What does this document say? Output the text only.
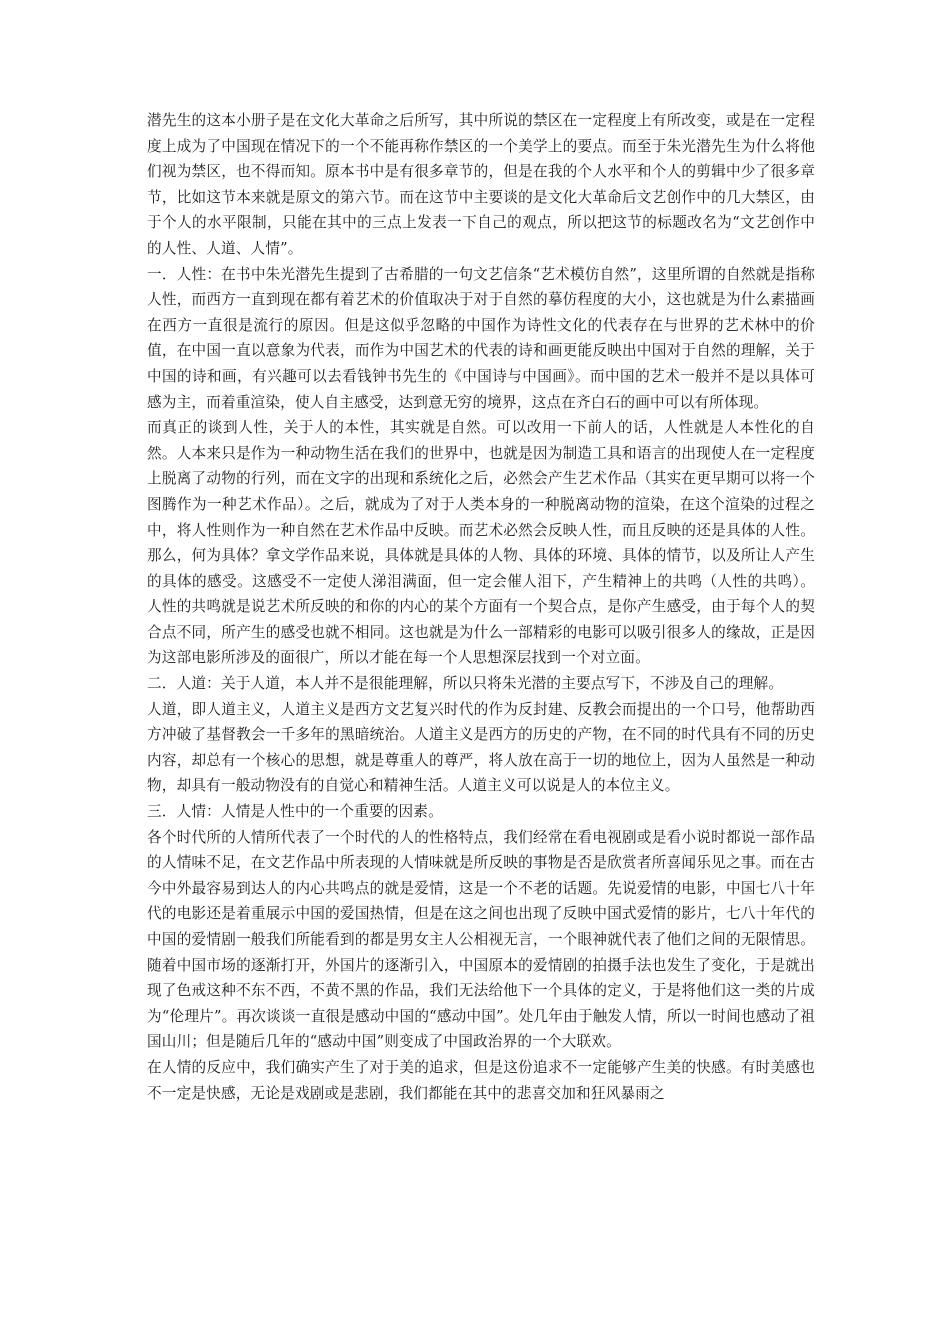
潜先生的这本小册子是在文化大革命之后所写，其中所说的禁区在一定程度上有所改变，或是在一定程度上成为了中国现在情况下的一个不能再称作禁区的一个美学上的要点。而至于朱光潜先生为什么将他们视为禁区，也不得而知。原本书中是有很多章节的，但是在我的个人水平和个人的剪辑中少了很多章节，比如这节本来就是原文的第六节。而在这节中主要谈的是文化大革命后文艺创作中的几大禁区，由于个人的水平限制，只能在其中的三点上发表一下自己的观点，所以把这节的标题改名为“文艺创作中的人性、人道、人情”。

一．人性：在书中朱光潜先生提到了古希腊的一句文艺信条“艺术模仿自然”，这里所谓的自然就是指称人性，而西方一直到现在都有着艺术的价值取决于对于自然的摹仿程度的大小，这也就是为什么素描画在西方一直很是流行的原因。但是这似乎忽略的中国作为诗性文化的代表存在与世界的艺术林中的价值，在中国一直以意象为代表，而作为中国艺术的代表的诗和画更能反映出中国对于自然的理解，关于中国的诗和画，有兴趣可以去看钱钟书先生的《中国诗与中国画》。而中国的艺术一般并不是以具体可感为主，而着重渲染，使人自主感受，达到意无穷的境界，这点在齐白石的画中可以有所体现。

而真正的谈到人性，关于人的本性，其实就是自然。可以改用一下前人的话，人性就是人本性化的自然。人本来只是作为一种动物生活在我们的世界中，也就是因为制造工具和语言的出现使人在一定程度上脱离了动物的行列，而在文字的出现和系统化之后，必然会产生艺术作品（其实在更早期可以将一个图腾作为一种艺术作品）。之后，就成为了对于人类本身的一种脱离动物的渲染，在这个渲染的过程之中，将人性则作为一种自然在艺术作品中反映。而艺术必然会反映人性，而且反映的还是具体的人性。那么，何为具体？拿文学作品来说，具体就是具体的人物、具体的环境、具体的情节，以及所让人产生的具体的感受。这感受不一定使人涕泪满面，但一定会催人泪下，产生精神上的共鸣（人性的共鸣）。人性的共鸣就是说艺术所反映的和你的内心的某个方面有一个契合点，是你产生感受，由于每个人的契合点不同，所产生的感受也就不相同。这也就是为什么一部精彩的电影可以吸引很多人的缘故，正是因为这部电影所涉及的面很广，所以才能在每一个人思想深层找到一个对立面。

二．人道：关于人道，本人并不是很能理解，所以只将朱光潜的主要点写下，不涉及自己的理解。

人道，即人道主义，人道主义是西方文艺复兴时代的作为反封建、反教会而提出的一个口号，他帮助西方冲破了基督教会一千多年的黑暗统治。人道主义是西方的历史的产物，在不同的时代具有不同的历史内容，却总有一个核心的思想，就是尊重人的尊严，将人放在高于一切的地位上，因为人虽然是一种动物，却具有一般动物没有的自觉心和精神生活。人道主义可以说是人的本位主义。

三．人情：人情是人性中的一个重要的因素。

各个时代所的人情所代表了一个时代的人的性格特点，我们经常在看电视剧或是看小说时都说一部作品的人情味不足，在文艺作品中所表现的人情味就是所反映的事物是否是欣赏者所喜闻乐见之事。而在古今中外最容易到达人的内心共鸣点的就是爱情，这是一个不老的话题。先说爱情的电影，中国七八十年代的电影还是着重展示中国的爱国热情，但是在这之间也出现了反映中国式爱情的影片，七八十年代的中国的爱情剧一般我们所能看到的都是男女主人公相视无言，一个眼神就代表了他们之间的无限情思。随着中国市场的逐渐打开，外国片的逐渐引入，中国原本的爱情剧的拍摄手法也发生了变化，于是就出现了色戒这种不东不西，不黄不黑的作品，我们无法给他下一个具体的定义，于是将他们这一类的片成为“伦理片”。再次谈谈一直很是感动中国的“感动中国”。处几年由于触发人情，所以一时间也感动了祖国山川；但是随后几年的“感动中国”则变成了中国政治界的一个大联欢。

在人情的反应中，我们确实产生了对于美的追求，但是这份追求不一定能够产生美的快感。有时美感也不一定是快感，无论是戏剧或是悲剧，我们都能在其中的悲喜交加和狂风暴雨之
